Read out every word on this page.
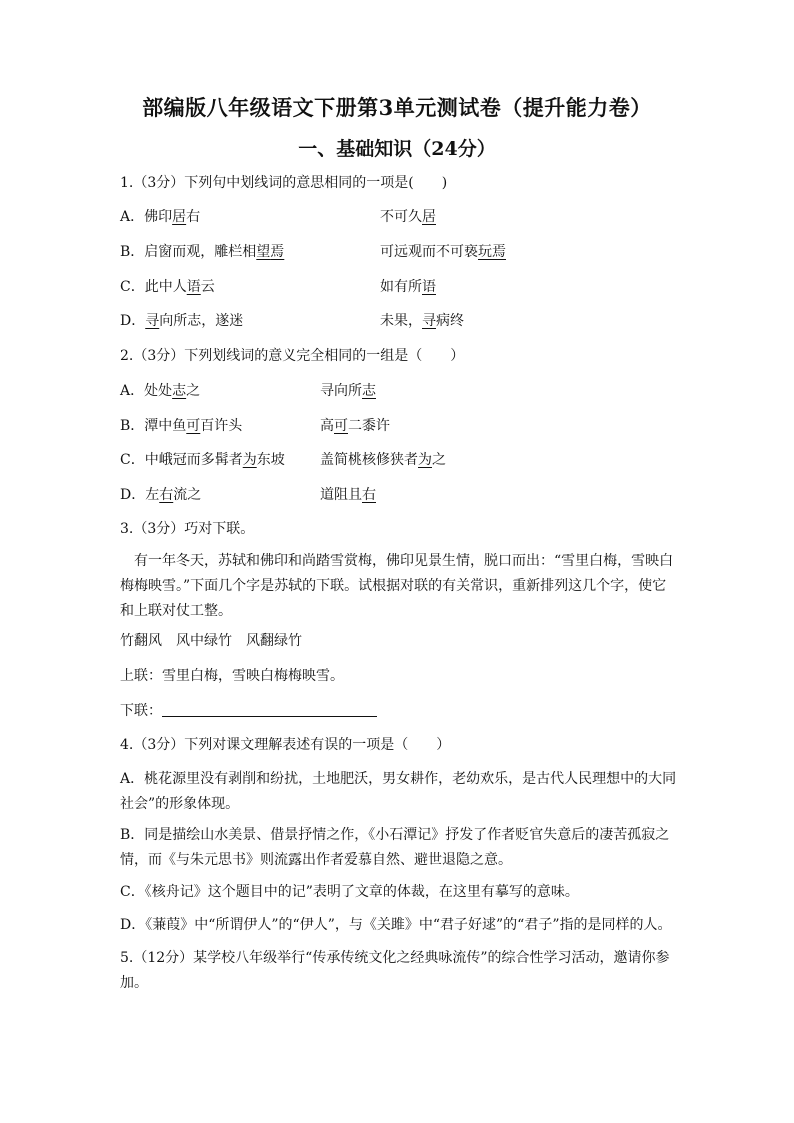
部编版八年级语文下册第3单元测试卷（提升能力卷）
一、基础知识（24分）
1.（3分）下列句中划线词的意思相同的一项是(　　)
A．佛印居右	不可久居
B．启窗而观，雕栏相望焉	可远观而不可亵玩焉
C．此中人语云	如有所语
D．寻向所志，遂迷	未果，寻病终
2.（3分）下列划线词的意义完全相同的一组是（　　）
A．处处志之	寻向所志
B．潭中鱼可百许头	高可二黍许
C．中峨冠而多髯者为东坡	盖简桃核修狭者为之
D．左右流之	道阻且右
3.（3分）巧对下联。
有一年冬天，苏轼和佛印和尚踏雪赏梅，佛印见景生情，脱口而出：“雪里白梅，雪映白梅梅映雪。”下面几个字是苏轼的下联。试根据对联的有关常识，重新排列这几个字，使它和上联对仗工整。
竹翻风　风中绿竹　风翻绿竹
上联：雪里白梅，雪映白梅梅映雪。
下联：
4.（3分）下列对课文理解表述有误的一项是（　　）
A．桃花源里没有剥削和纷扰，土地肥沃，男女耕作，老幼欢乐，是古代人民理想中的大同社会”的形象体现。
B．同是描绘山水美景、借景抒情之作，《小石潭记》抒发了作者贬官失意后的凄苦孤寂之情，而《与朱元思书》则流露出作者爱慕自然、避世退隐之意。
C．《核舟记》这个题目中的记”表明了文章的体裁，在这里有摹写的意味。
D．《蒹葭》中“所谓伊人”的“伊人”，与《关雎》中“君子好逑”的“君子”指的是同样的人。
5.（12分）某学校八年级举行“传承传统文化之经典咏流传”的综合性学习活动，邀请你参加。
